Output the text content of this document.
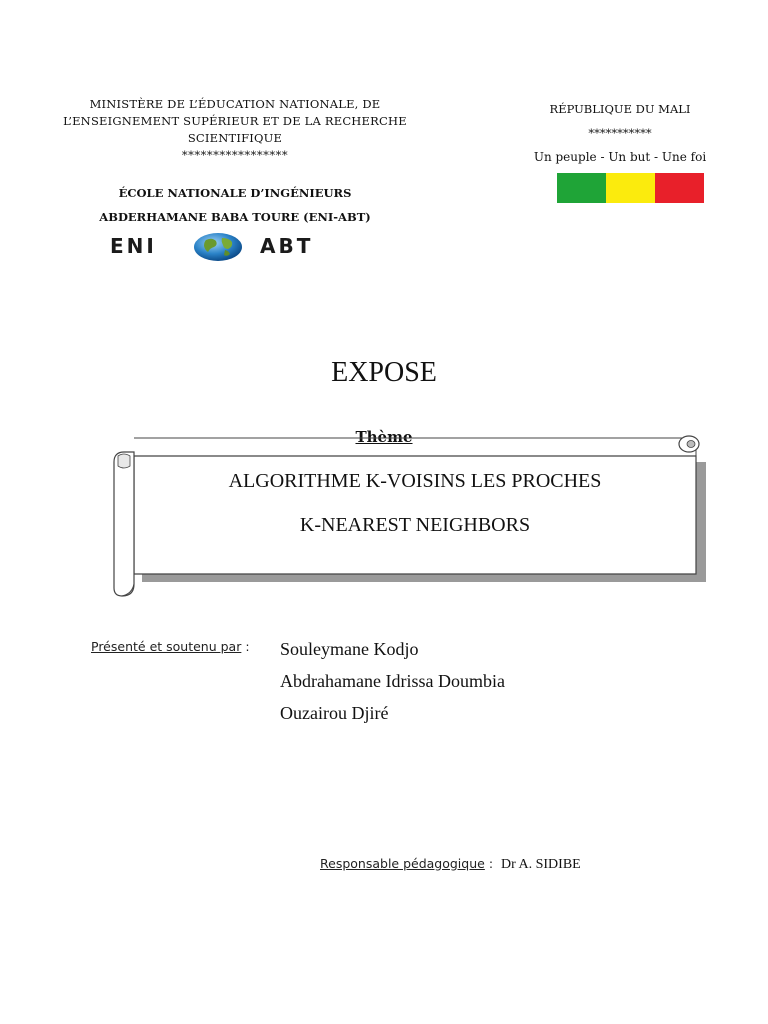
MINISTÈRE DE L’ÉDUCATION NATIONALE, DE
L’ENSEIGNEMENT SUPÉRIEUR ET DE LA RECHERCHE
SCIENTIFIQUE
*****************
ÉCOLE NATIONALE D’INGÉNIEURS
ABDERHAMANE BABA TOURE (ENI-ABT)
ENI	ABT
RÉPUBLIQUE DU MALI
***********
Un peuple - Un but - Une foi
EXPOSE
Thème
ALGORITHME K-VOISINS LES PROCHES
K-NEAREST NEIGHBORS
Présenté et soutenu par : Souleymane Kodjo
Abdrahamane Idrissa Doumbia
Ouzairou Djiré
Responsable pédagogique : Dr A. SIDIBE
